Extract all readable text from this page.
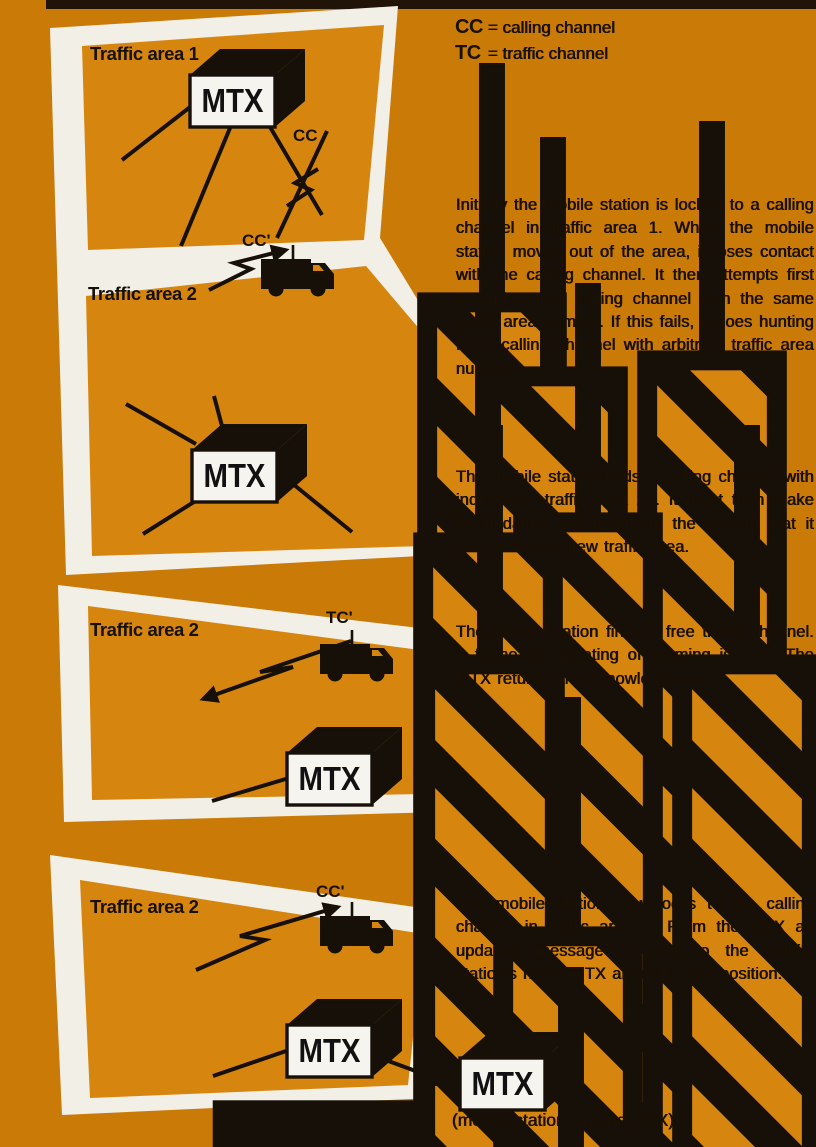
MTX
Traffic area 1
CC
CC'
MTX
Traffic area 2
MTX
Traffic area 2
TC'
MTX
Traffic area 2
CC'
MTX
CC = calling channel
TC = traffic channel
Initially the mobile station is locked to a calling channel in traffic area 1. When the mobile station moves out of the area, it loses contact with the calling channel. It then attempts first to find a new calling channel with the same traffic area number. If this fails, it goes hunting for a calling channel with arbitrary traffic area number.
The mobile station finds a calling channel with indication »traffic area 2». It must then make an updating call to inform the system that it has entered a new traffic area.
The mobile station finds a free traffic channel. A frame for updating of roaming is sent. The MTX returns an acknowledgment.
The mobile station now locks to the calling channel in traffic area 2. From the MTX an updating message is sent to the mobile station's home MTX about its new position.
(mobile station's home MTX)
